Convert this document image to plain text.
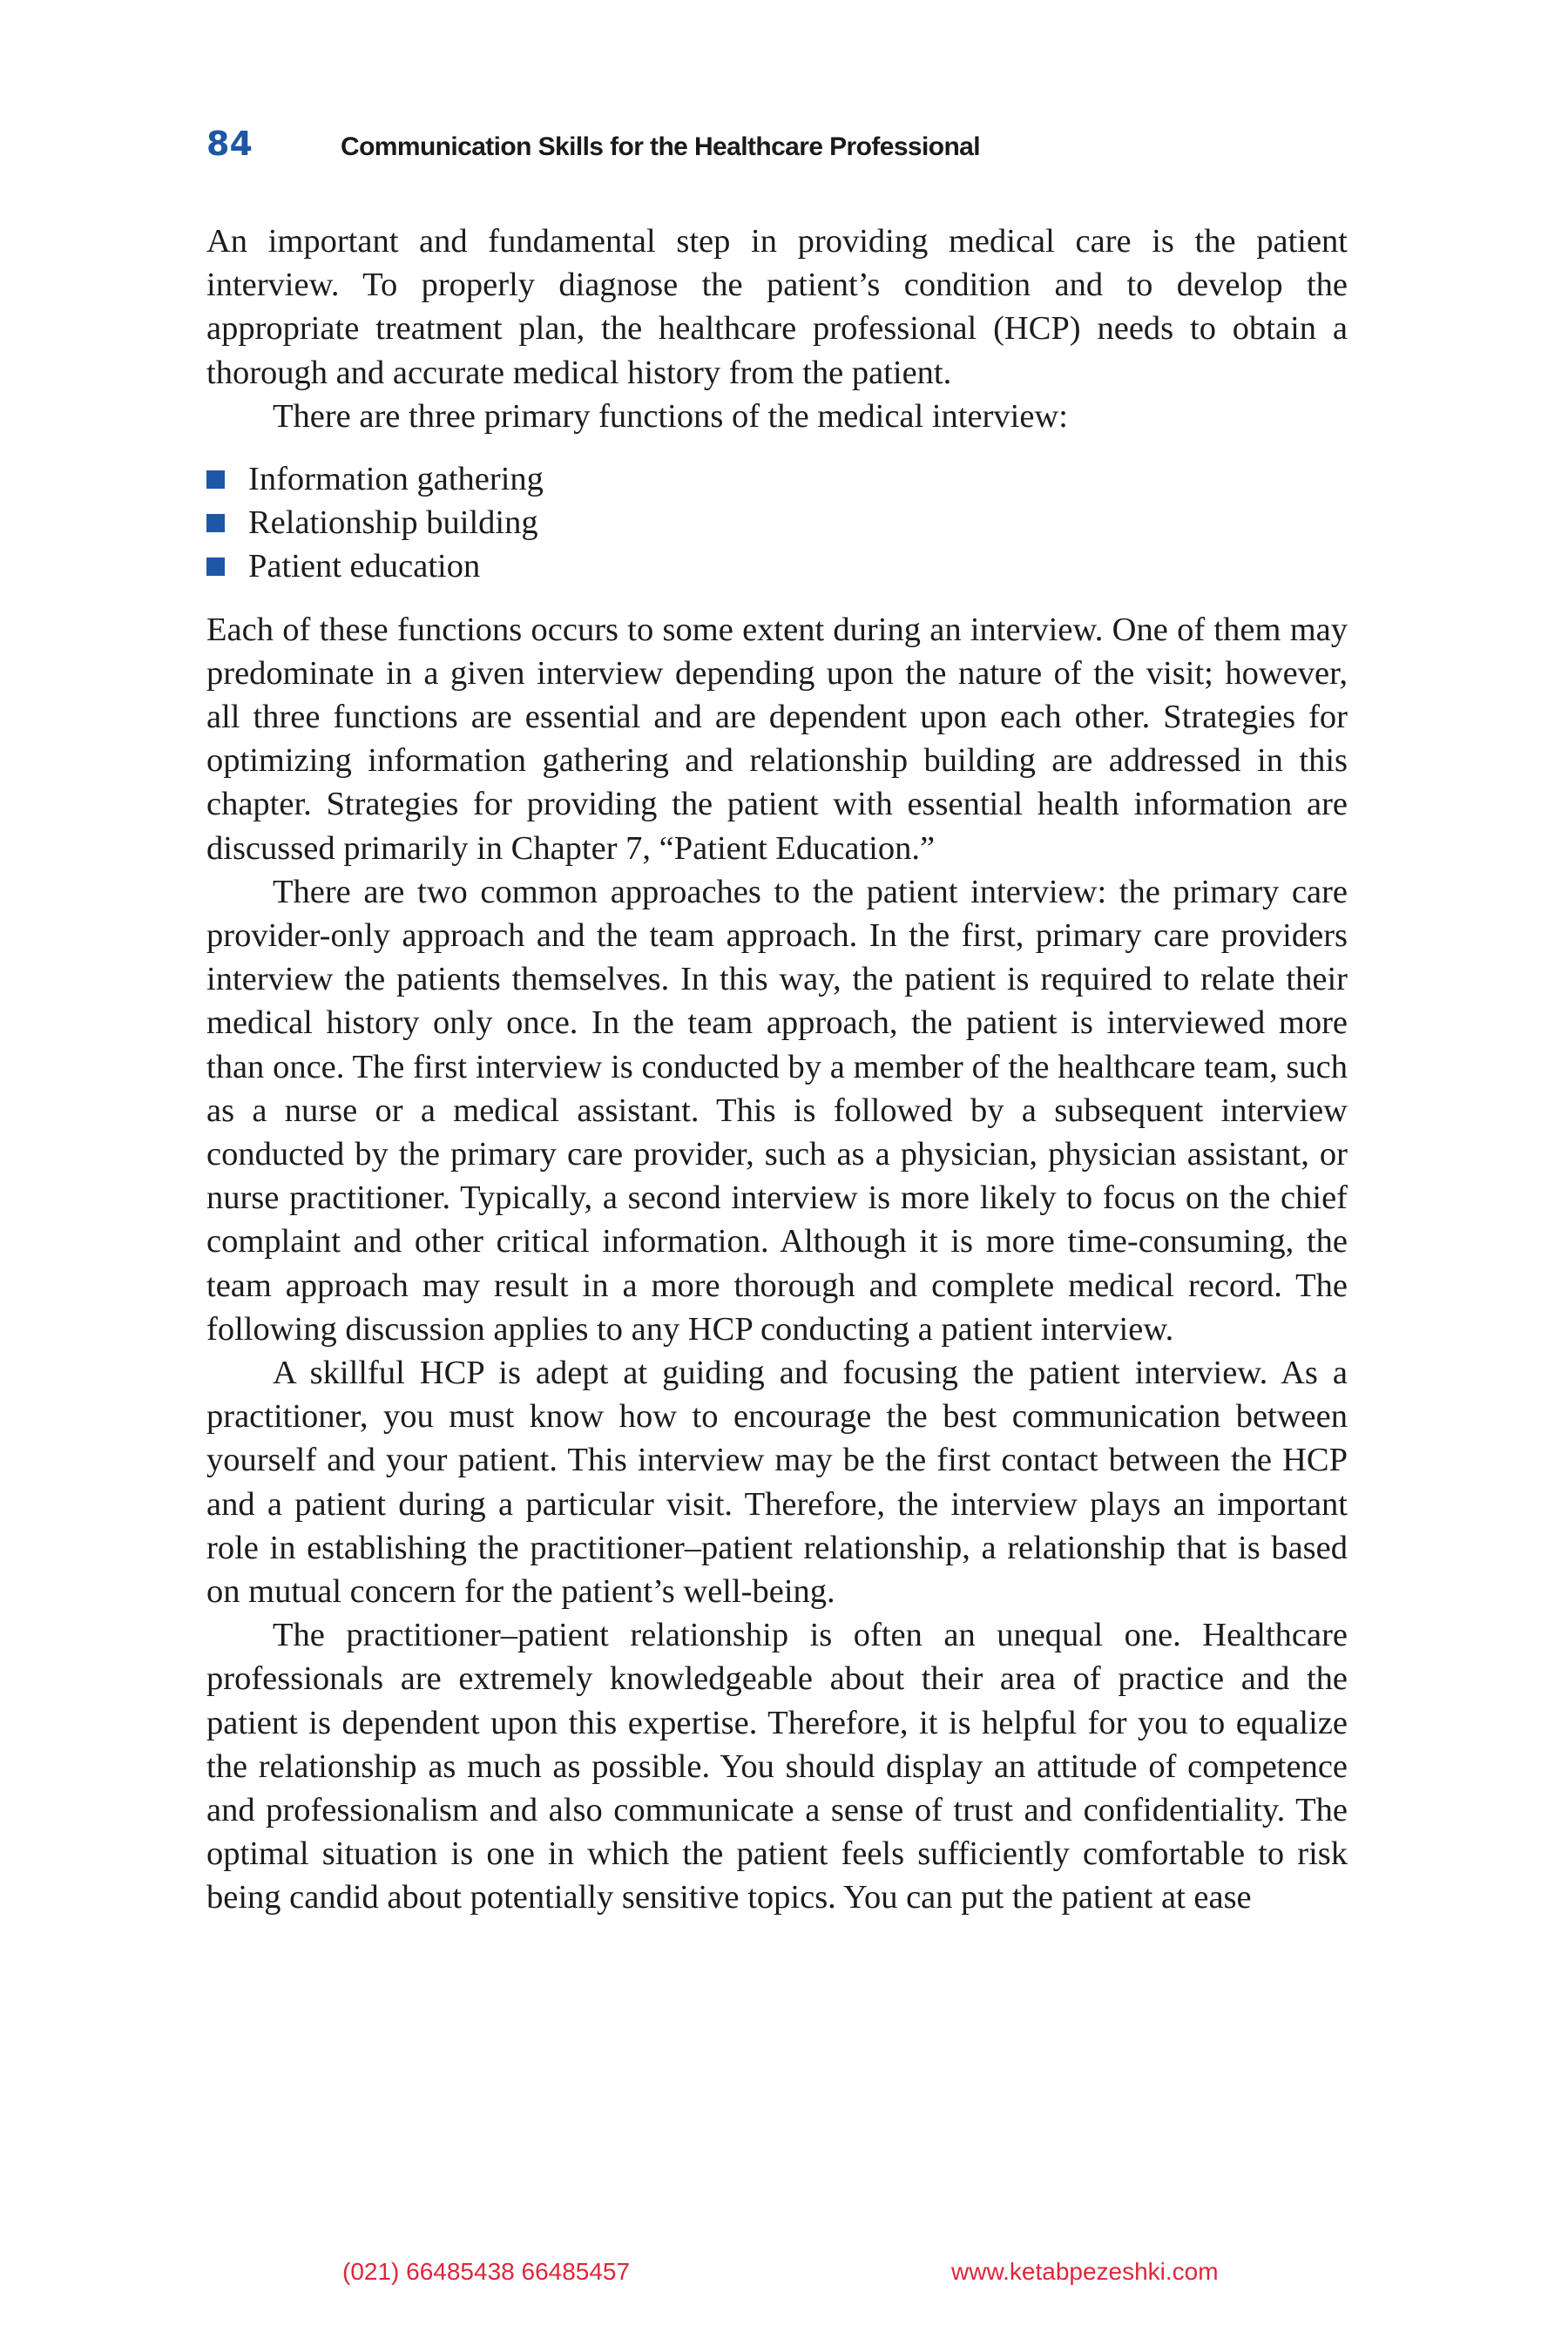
84	Communication Skills for the Healthcare Professional

An important and fundamental step in providing medical care is the patient interview. To properly diagnose the patient’s condition and to develop the appropriate treatment plan, the healthcare professional (HCP) needs to obtain a thorough and accurate medical history from the patient.

There are three primary functions of the medical interview:

Information gathering
Relationship building
Patient education

Each of these functions occurs to some extent during an interview. One of them may predominate in a given interview depending upon the nature of the visit; however, all three functions are essential and are dependent upon each other. Strategies for optimizing information gathering and relationship building are addressed in this chapter. Strategies for providing the patient with essential health information are discussed primarily in Chapter 7, “Patient Education.”

There are two common approaches to the patient interview: the primary care provider-only approach and the team approach. In the first, primary care providers interview the patients themselves. In this way, the patient is required to relate their medical history only once. In the team approach, the patient is interviewed more than once. The first interview is conducted by a member of the healthcare team, such as a nurse or a medical assistant. This is followed by a subsequent interview conducted by the primary care provider, such as a physician, physician assistant, or nurse practitioner. Typically, a second interview is more likely to focus on the chief complaint and other critical information. Although it is more time-consuming, the team approach may result in a more thorough and complete medical record. The following discussion applies to any HCP conducting a patient interview.

A skillful HCP is adept at guiding and focusing the patient interview. As a practitioner, you must know how to encourage the best communication between yourself and your patient. This interview may be the first contact between the HCP and a patient during a particular visit. Therefore, the interview plays an important role in establishing the practitioner–patient relationship, a relationship that is based on mutual concern for the patient’s well-being.

The practitioner–patient relationship is often an unequal one. Healthcare professionals are extremely knowledgeable about their area of practice and the patient is dependent upon this expertise. Therefore, it is helpful for you to equalize the relationship as much as possible. You should display an attitude of competence and professionalism and also communicate a sense of trust and confidentiality. The optimal situation is one in which the patient feels sufficiently comfortable to risk being candid about potentially sensitive topics. You can put the patient at ease

(021) 66485438 66485457	www.ketabpezeshki.com
